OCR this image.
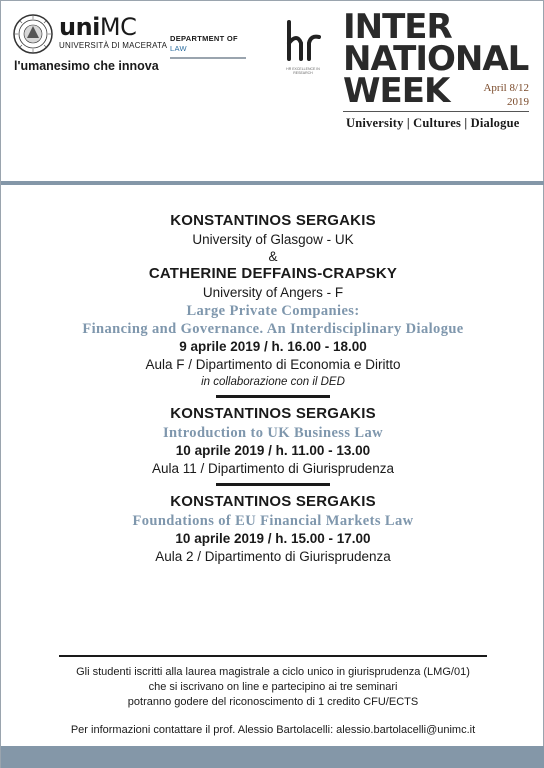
uniMC
UNIVERSITÀ DI MACERATA
l'umanesimo che innova
DEPARTMENT OF
LAW
HR EXCELLENCE IN RESEARCH
INTER
NATIONAL
WEEK	April 8/12
2019
University | Cultures | Dialogue
KONSTANTINOS SERGAKIS
University of Glasgow - UK
&
CATHERINE DEFFAINS-CRAPSKY
University of Angers - F
Large Private Companies:
Financing and Governance. An Interdisciplinary Dialogue
9 aprile 2019 / h. 16.00 - 18.00
Aula F / Dipartimento di Economia e Diritto
in collaborazione con il DED
KONSTANTINOS SERGAKIS
Introduction to UK Business Law
10 aprile 2019 / h. 11.00 - 13.00
Aula 11 / Dipartimento di Giurisprudenza
KONSTANTINOS SERGAKIS
Foundations of EU Financial Markets Law
10 aprile 2019 / h. 15.00 - 17.00
Aula 2 / Dipartimento di Giurisprudenza
Gli studenti iscritti alla laurea magistrale a ciclo unico in giurisprudenza (LMG/01)
che si iscrivano on line e partecipino ai tre seminari
potranno godere del riconoscimento di 1 credito CFU/ECTS
Per informazioni contattare il prof. Alessio Bartolacelli: alessio.bartolacelli@unimc.it
